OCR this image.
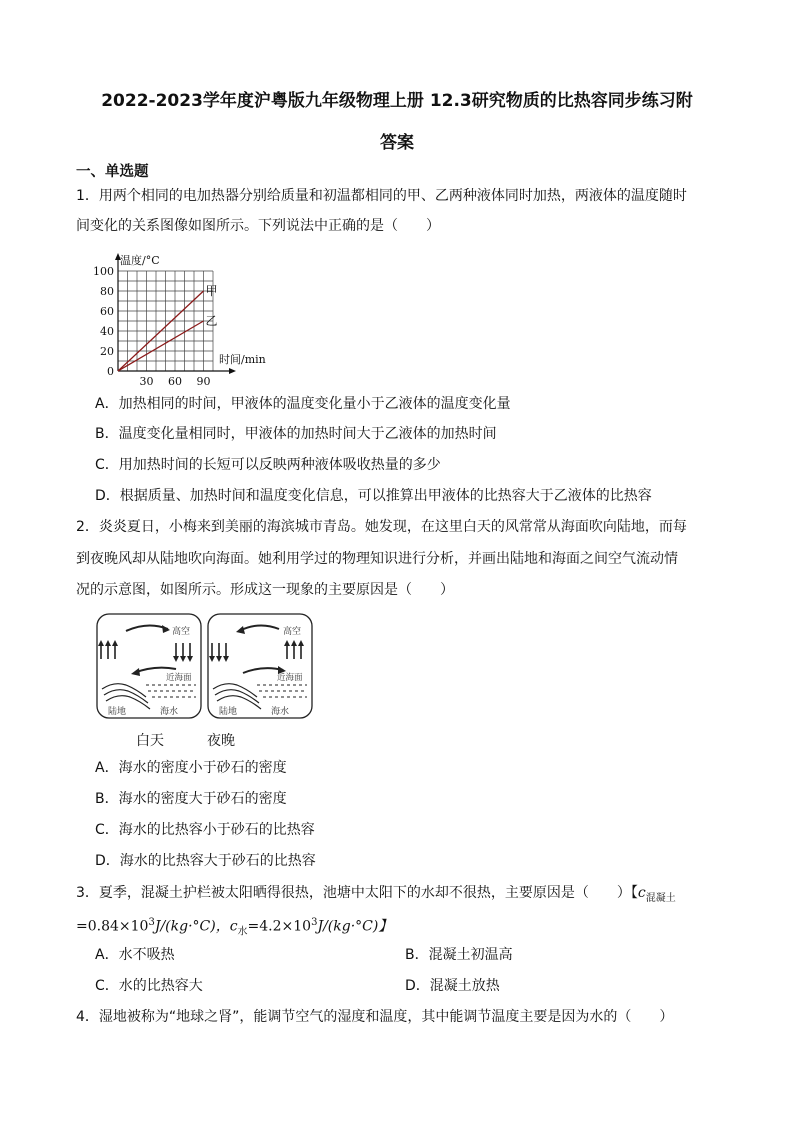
2022-2023学年度沪粤版九年级物理上册 12.3研究物质的比热容同步练习附
答案
一、单选题
1．用两个相同的电加热器分别给质量和初温都相同的甲、乙两种液体同时加热，两液体的温度随时
间变化的关系图像如图所示。下列说法中正确的是（　　）
0
20
40
60
80
100
30 60 90
温度/°C
时间/min
甲
乙
A．加热相同的时间，甲液体的温度变化量小于乙液体的温度变化量
B．温度变化量相同时，甲液体的加热时间大于乙液体的加热时间
C．用加热时间的长短可以反映两种液体吸收热量的多少
D．根据质量、加热时间和温度变化信息，可以推算出甲液体的比热容大于乙液体的比热容
2．炎炎夏日，小梅来到美丽的海滨城市青岛。她发现，在这里白天的风常常从海面吹向陆地，而每
到夜晚风却从陆地吹向海面。她利用学过的物理知识进行分析，并画出陆地和海面之间空气流动情
况的示意图，如图所示。形成这一现象的主要原因是（　　）
高空
近海面
陆地	海水
高空
近海面
陆地	海水
白天	夜晚
A．海水的密度小于砂石的密度
B．海水的密度大于砂石的密度
C．海水的比热容小于砂石的比热容
D．海水的比热容大于砂石的比热容
3．夏季，混凝土护栏被太阳晒得很热，池塘中太阳下的水却不很热，主要原因是（　　）【$c_{混凝土}$
$=0.84\times 10^3J/(kg\cdot^\circ C)$，$c_水=4.2\times 10^3J/(kg\cdot^\circ C)$】
A．水不吸热	B．混凝土初温高
C．水的比热容大	D．混凝土放热
4．湿地被称为“地球之肾”，能调节空气的湿度和温度，其中能调节温度主要是因为水的（　　）
